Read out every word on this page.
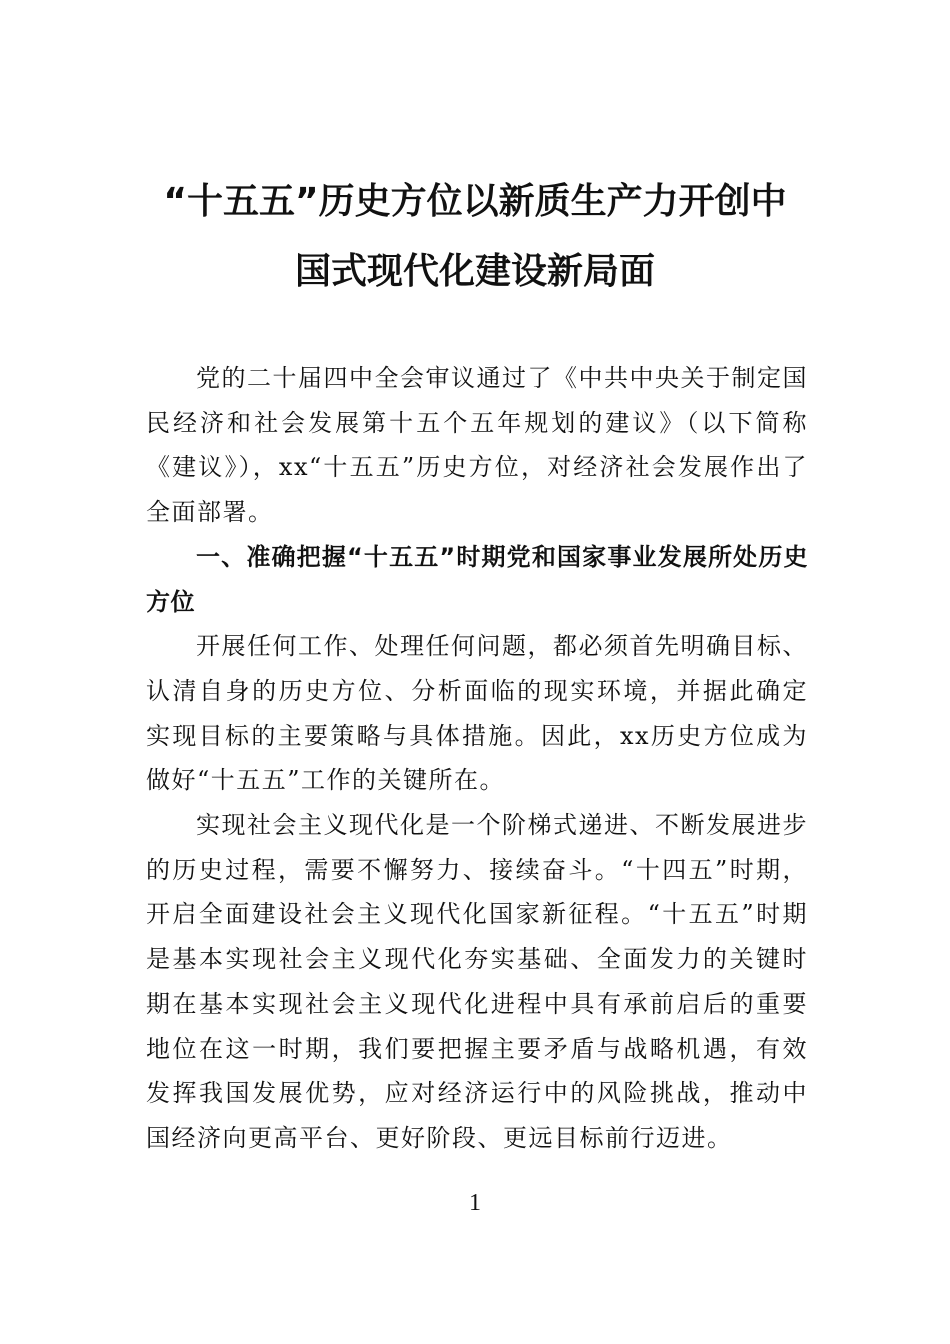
“十五五”历史方位以新质生产力开创中
国式现代化建设新局面

党的二十届四中全会审议通过了《中共中央关于制定国民经济和社会发展第十五个五年规划的建议》（以下简称《建议》），xx“十五五”历史方位，对经济社会发展作出了全面部署。

一、准确把握“十五五”时期党和国家事业发展所处历史方位

开展任何工作、处理任何问题，都必须首先明确目标、认清自身的历史方位、分析面临的现实环境，并据此确定实现目标的主要策略与具体措施。因此，xx历史方位成为做好“十五五”工作的关键所在。

实现社会主义现代化是一个阶梯式递进、不断发展进步的历史过程，需要不懈努力、接续奋斗。“十四五”时期，开启全面建设社会主义现代化国家新征程。“十五五”时期是基本实现社会主义现代化夯实基础、全面发力的关键时期在基本实现社会主义现代化进程中具有承前启后的重要地位在这一时期，我们要把握主要矛盾与战略机遇，有效发挥我国发展优势，应对经济运行中的风险挑战，推动中国经济向更高平台、更好阶段、更远目标前行迈进。

1
